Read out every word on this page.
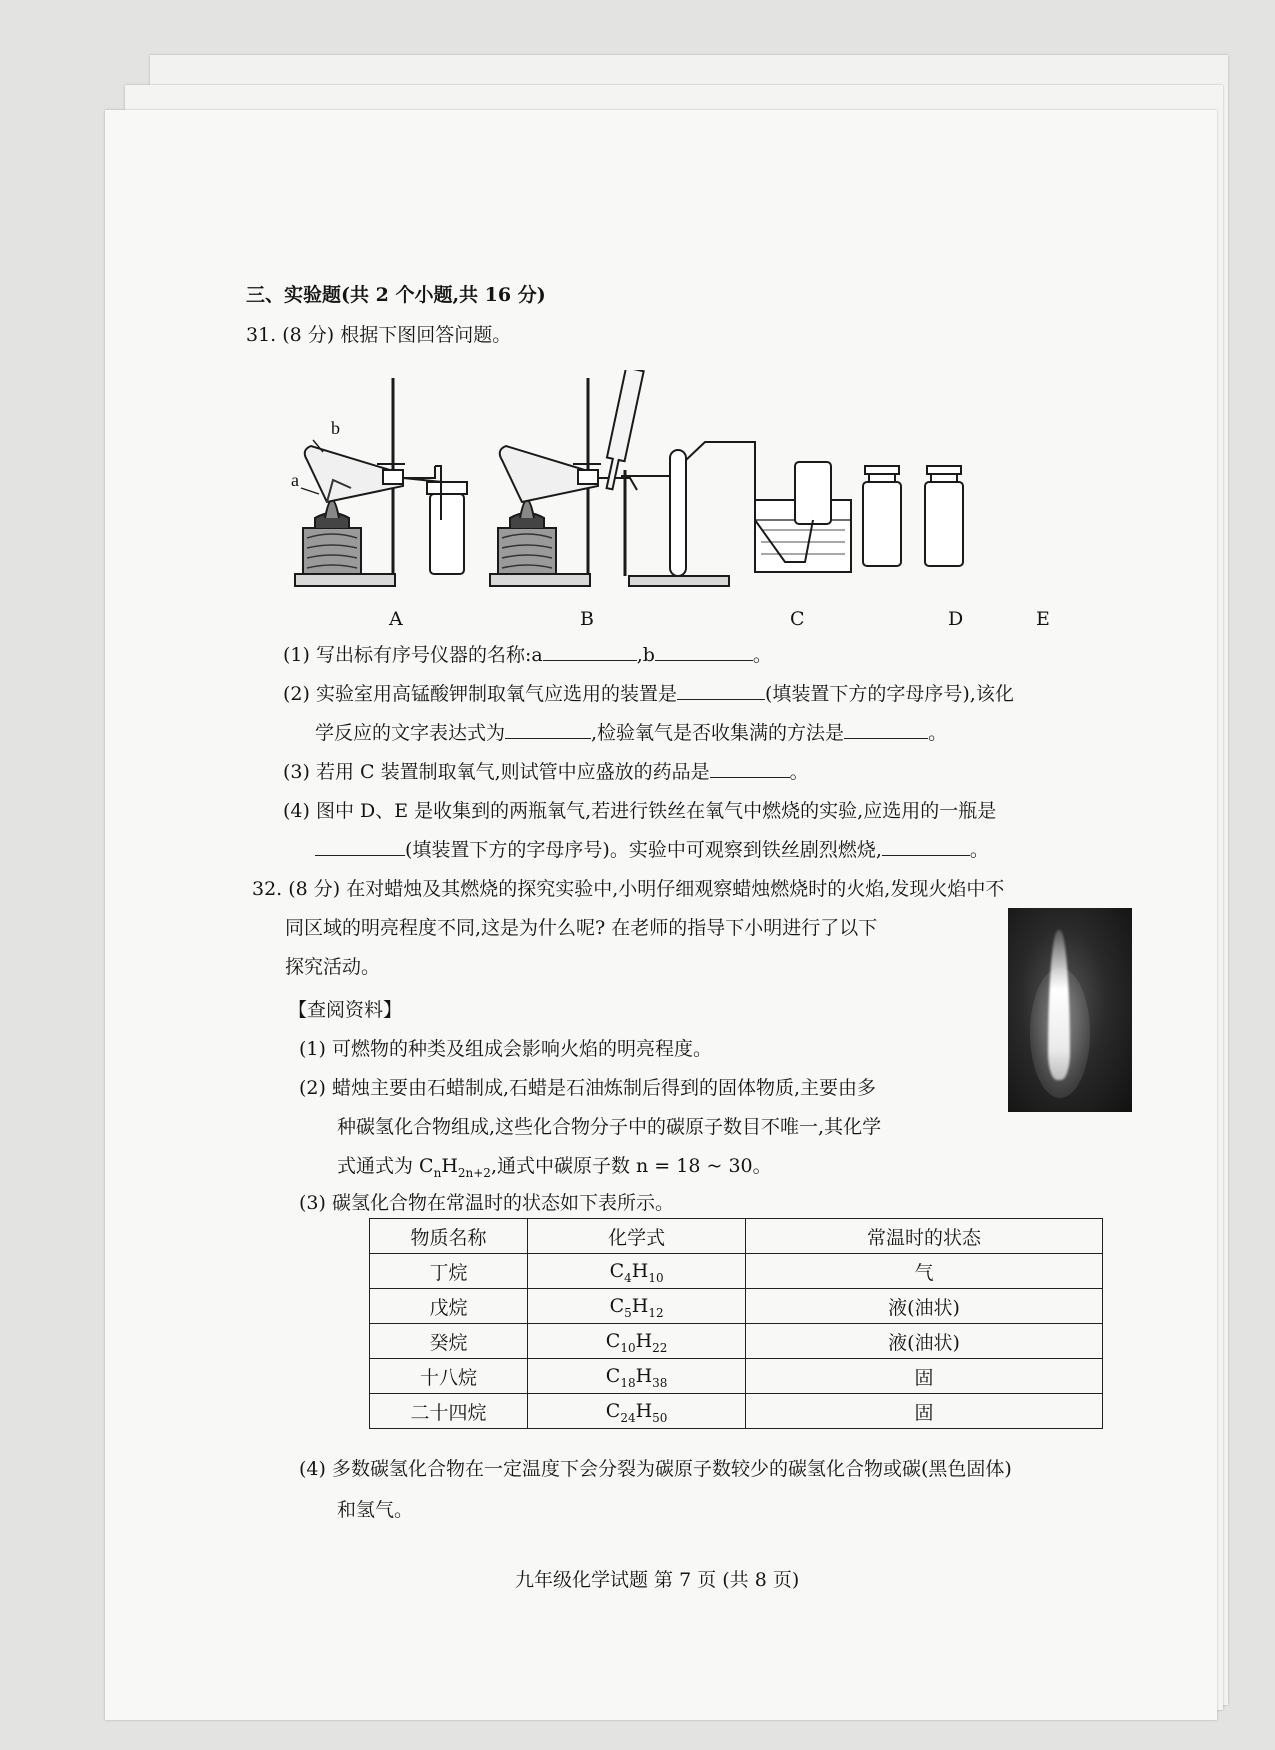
三、实验题(共 2 个小题,共 16 分)
31. (8 分) 根据下图回答问题。
b
a
A	B	C	D	E
(1) 写出标有序号仪器的名称:a	,b	。
(2) 实验室用高锰酸钾制取氧气应选用的装置是	(填装置下方的字母序号),该化
学反应的文字表达式为	,检验氧气是否收集满的方法是	。
(3) 若用 C 装置制取氧气,则试管中应盛放的药品是	。
(4) 图中 D、E 是收集到的两瓶氧气,若进行铁丝在氧气中燃烧的实验,应选用的一瓶是
(填装置下方的字母序号)。实验中可观察到铁丝剧烈燃烧,	。
32. (8 分) 在对蜡烛及其燃烧的探究实验中,小明仔细观察蜡烛燃烧时的火焰,发现火焰中不
同区域的明亮程度不同,这是为什么呢? 在老师的指导下小明进行了以下
探究活动。
【查阅资料】
(1) 可燃物的种类及组成会影响火焰的明亮程度。
(2) 蜡烛主要由石蜡制成,石蜡是石油炼制后得到的固体物质,主要由多
种碳氢化合物组成,这些化合物分子中的碳原子数目不唯一,其化学
式通式为 $C_nH_{2n+2}$,通式中碳原子数 n = 18 ~ 30。
(3) 碳氢化合物在常温时的状态如下表所示。
物质名称	化学式	常温时的状态
丁烷	$C_4H_{10}$	气
戊烷	$C_5H_{12}$	液(油状)
癸烷	$C_{10}H_{22}$	液(油状)
十八烷	$C_{18}H_{38}$	固
二十四烷	$C_{24}H_{50}$	固
(4) 多数碳氢化合物在一定温度下会分裂为碳原子数较少的碳氢化合物或碳(黑色固体)
和氢气。
九年级化学试题 第 7 页 (共 8 页)
